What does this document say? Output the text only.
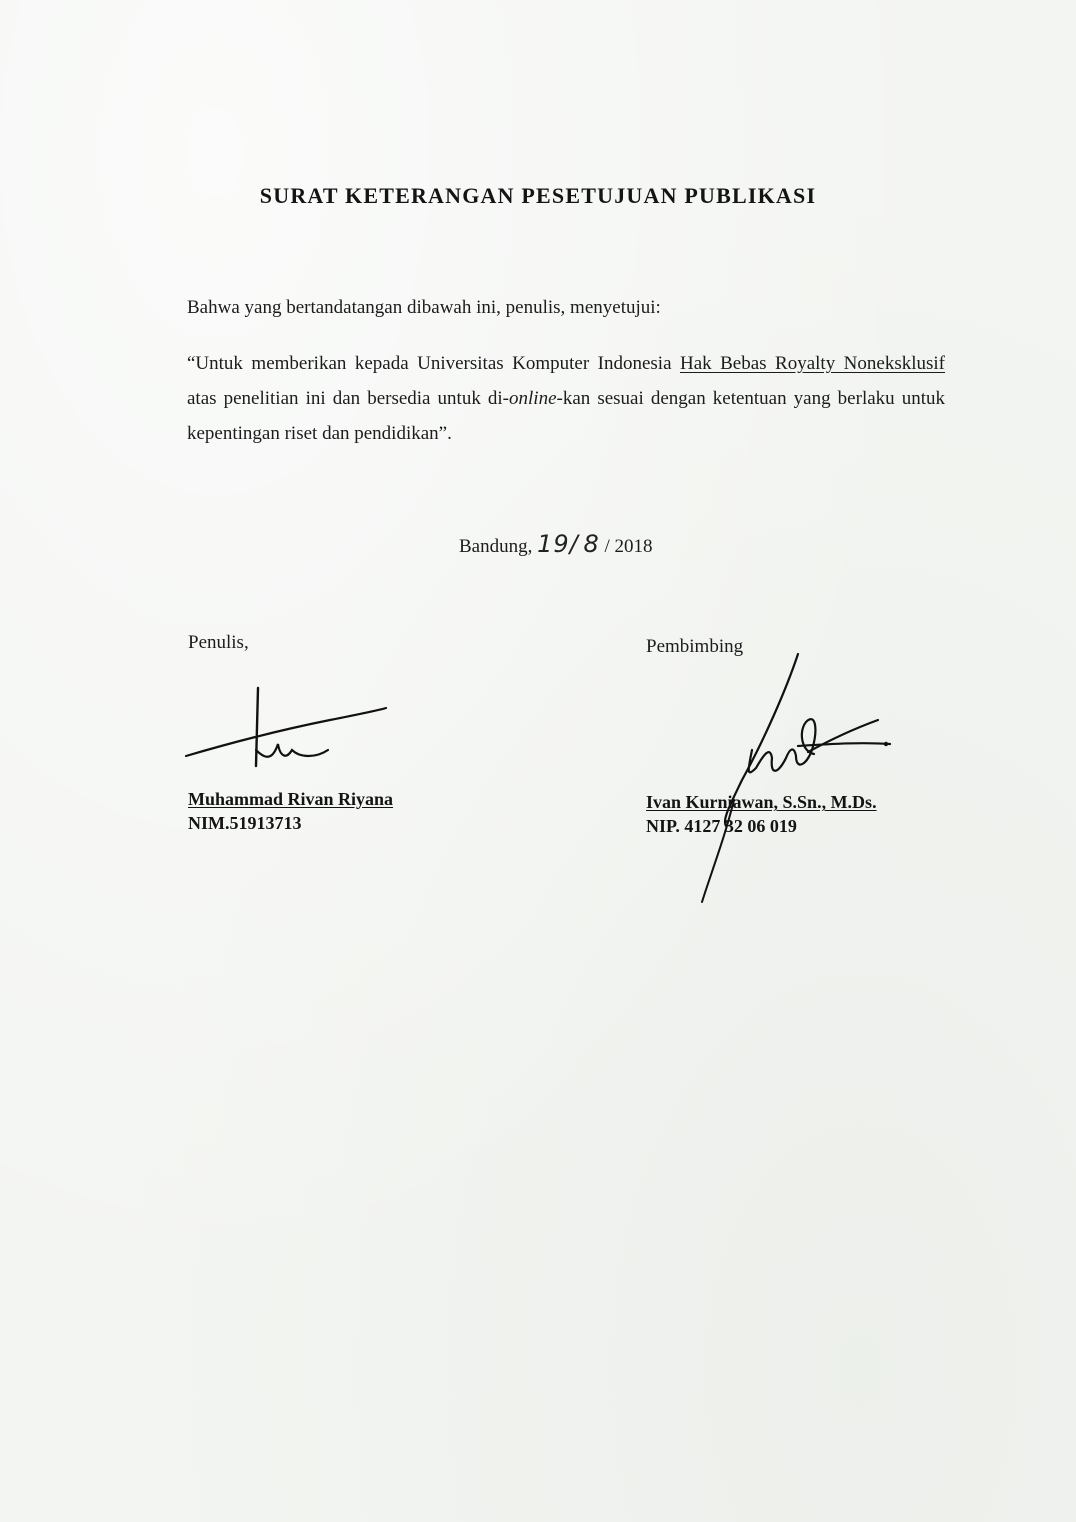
SURAT KETERANGAN PESETUJUAN PUBLIKASI
Bahwa yang bertandatangan dibawah ini, penulis, menyetujui:
“Untuk memberikan kepada Universitas Komputer Indonesia Hak Bebas Royalty Noneksklusif atas penelitian ini dan bersedia untuk di-online-kan sesuai dengan ketentuan yang berlaku untuk kepentingan riset dan pendidikan”.
Bandung, 19/ 8 / 2018
Penulis,	Pembimbing
Muhammad Rivan Riyana
NIM.51913713
Ivan Kurniawan, S.Sn., M.Ds.
NIP. 4127 32 06 019
